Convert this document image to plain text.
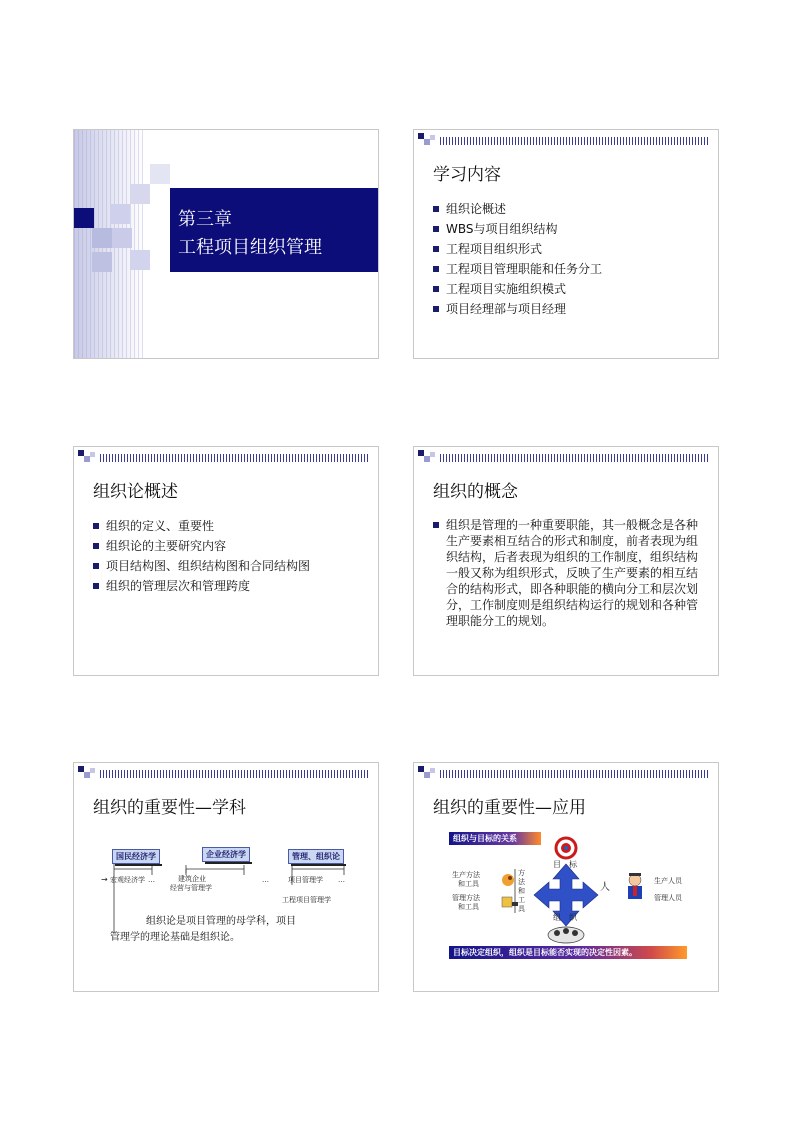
第三章
工程项目组织管理
学习内容
组织论概述
WBS与项目组织结构
工程项目组织形式
工程项目管理职能和任务分工
工程项目实施组织模式
项目经理部与项目经理
组织论概述
组织的定义、重要性
组织论的主要研究内容
项目结构图、组织结构图和合同结构图
组织的管理层次和管理跨度
组织的概念
组织是管理的一种重要职能，其一般概念是各种生产要素相互结合的形式和制度，前者表现为组织结构，后者表现为组织的工作制度，组织结构一般又称为组织形式，反映了生产要素的相互结合的结构形式，即各种职能的横向分工和层次划分，工作制度则是组织结构运行的规划和各种管理职能分工的规划。
组织的重要性—学科
国民经济学	企业经济学	管理、组织论
→ 宏观经济学 …	建筑企业
经营与管理学
…	项目管理学 …
工程项目管理学
组织论是项目管理的母学科，项目
管理学的理论基础是组织论。
组织的重要性—应用
组织与目标的关系
目　标
组　织
人
生产方法
和工具
管理方法
和工具
方法和工具
生产人员
管理人员
目标决定组织，组织是目标能否实现的决定性因素。
